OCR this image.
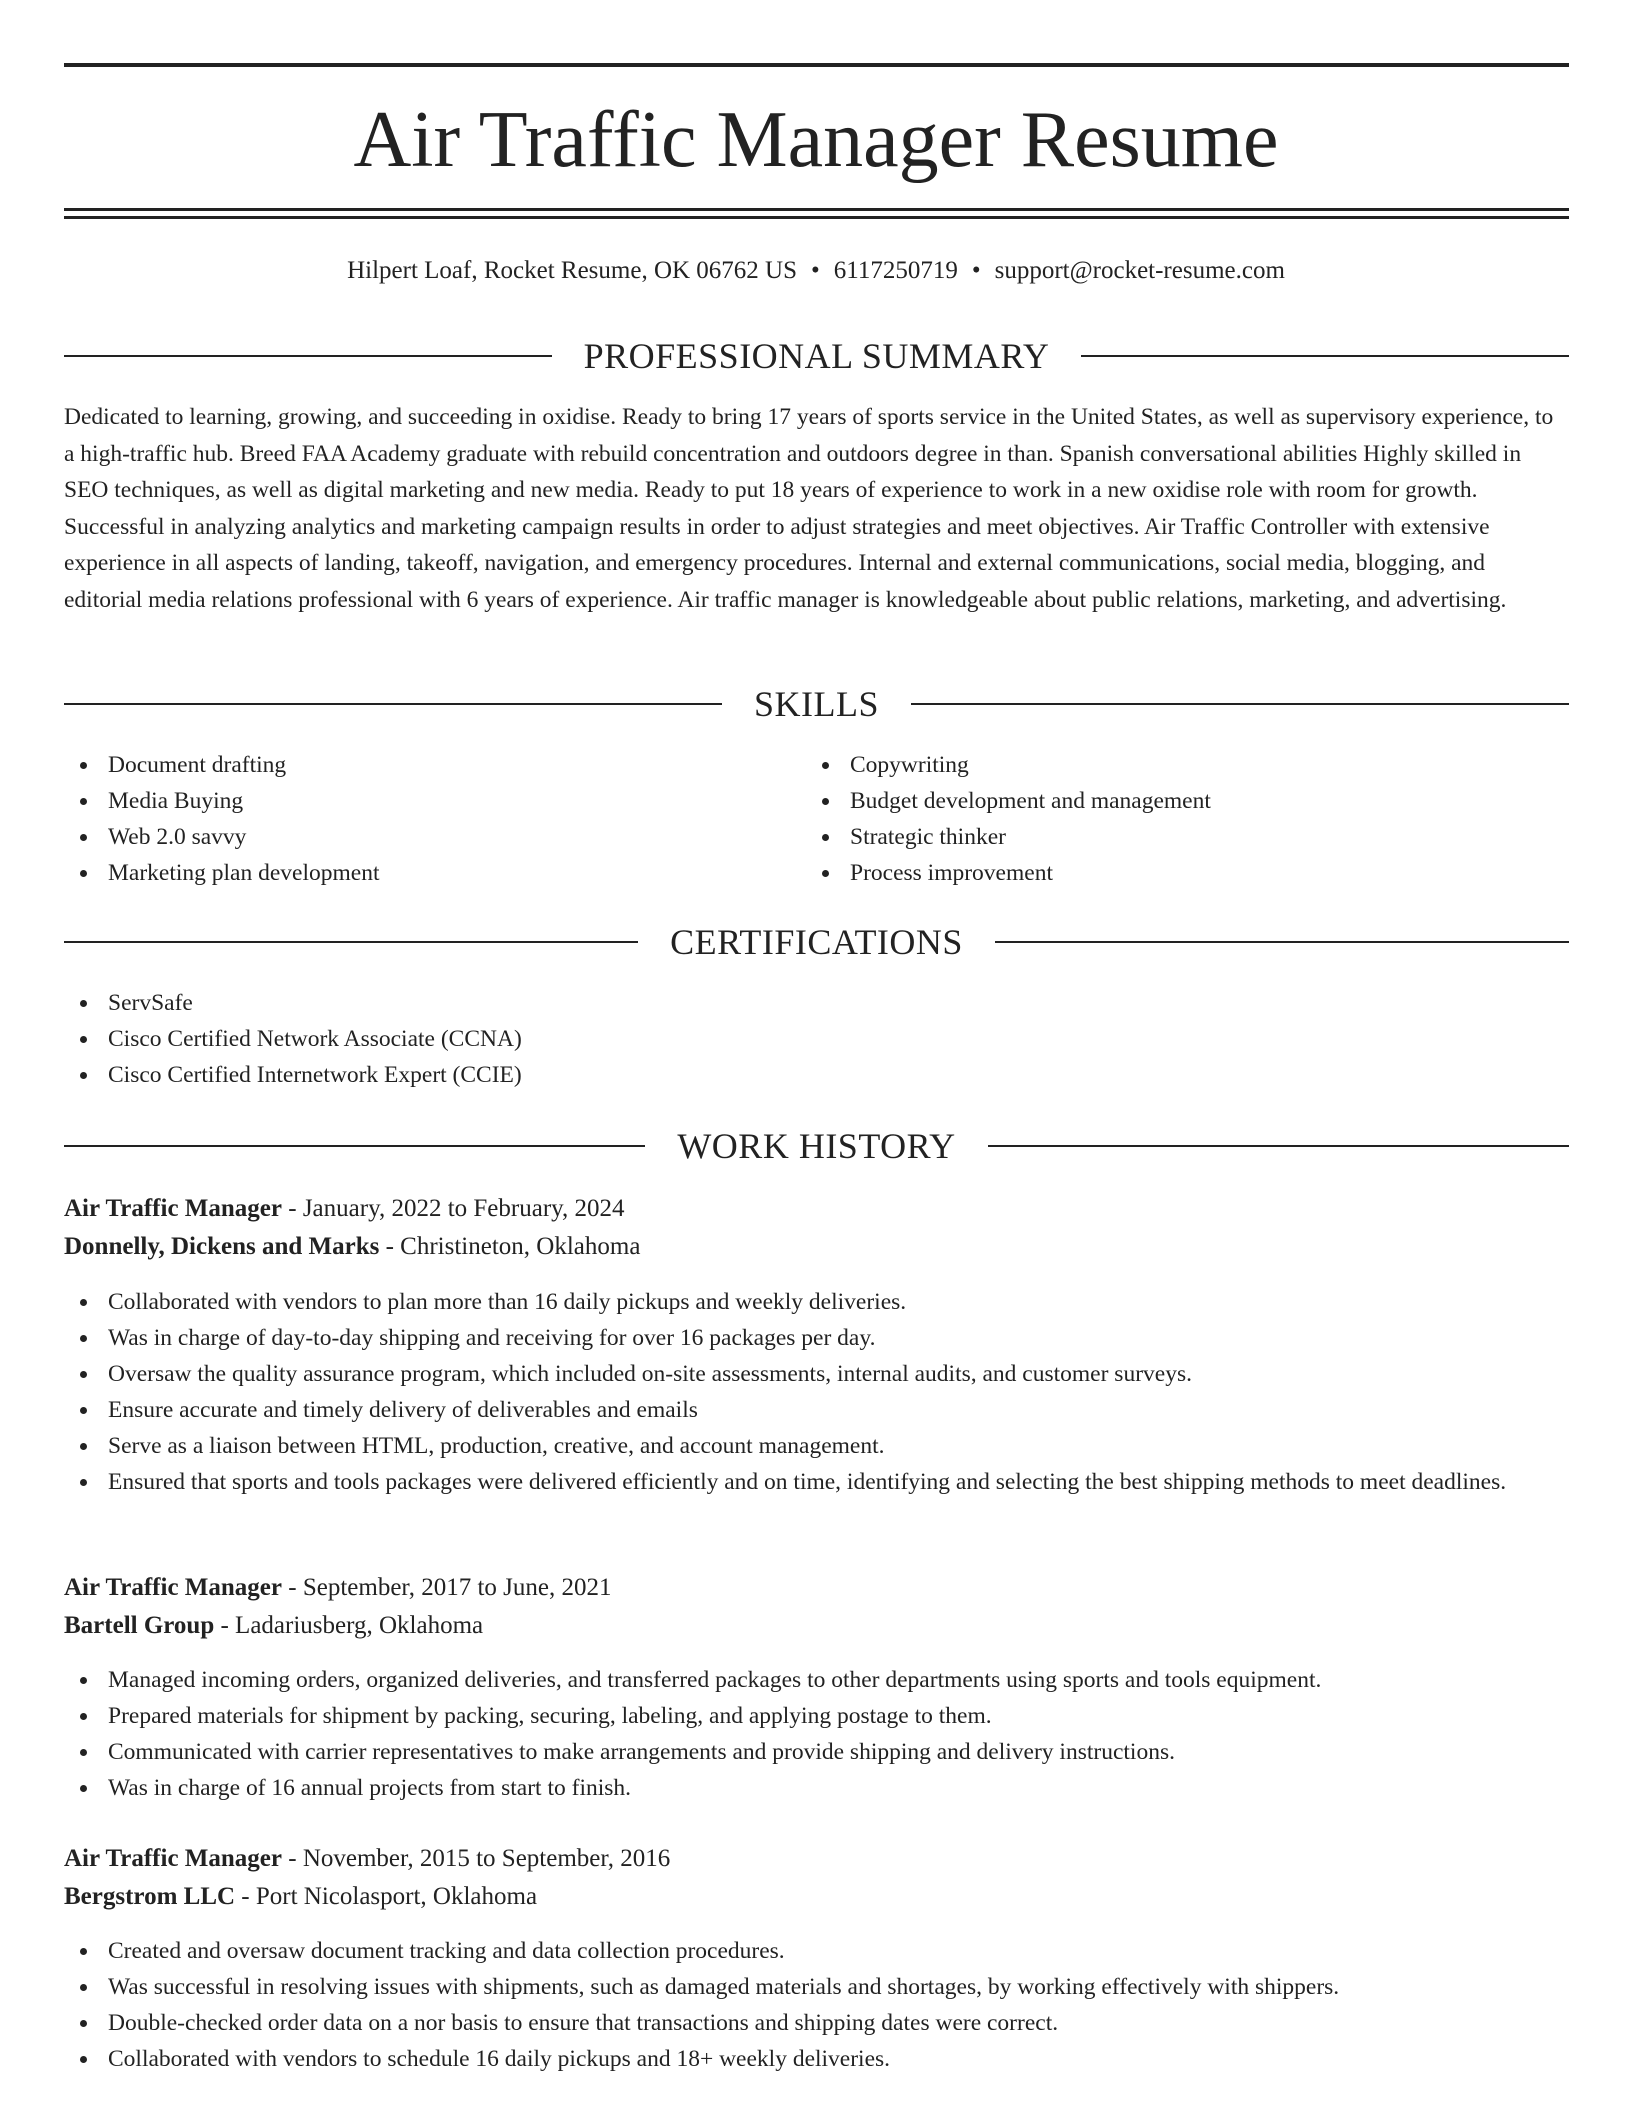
Air Traffic Manager Resume
Hilpert Loaf, Rocket Resume, OK 06762 US • 6117250719 • support@rocket-resume.com
PROFESSIONAL SUMMARY

Dedicated to learning, growing, and succeeding in oxidise. Ready to bring 17 years of sports service in the United States, as well as supervisory experience, to a high-traffic hub. Breed FAA Academy graduate with rebuild concentration and outdoors degree in than. Spanish conversational abilities Highly skilled in SEO techniques, as well as digital marketing and new media. Ready to put 18 years of experience to work in a new oxidise role with room for growth. Successful in analyzing analytics and marketing campaign results in order to adjust strategies and meet objectives. Air Traffic Controller with extensive experience in all aspects of landing, takeoff, navigation, and emergency procedures. Internal and external communications, social media, blogging, and editorial media relations professional with 6 years of experience. Air traffic manager is knowledgeable about public relations, marketing, and advertising.

SKILLS
Document drafting
Media Buying
Web 2.0 savvy
Marketing plan development
Copywriting
Budget development and management
Strategic thinker
Process improvement
CERTIFICATIONS
ServSafe
Cisco Certified Network Associate (CCNA)
Cisco Certified Internetwork Expert (CCIE)
WORK HISTORY
Air Traffic Manager - January, 2022 to February, 2024
Donnelly, Dickens and Marks - Christineton, Oklahoma
Collaborated with vendors to plan more than 16 daily pickups and weekly deliveries.
Was in charge of day-to-day shipping and receiving for over 16 packages per day.
Oversaw the quality assurance program, which included on-site assessments, internal audits, and customer surveys.
Ensure accurate and timely delivery of deliverables and emails
Serve as a liaison between HTML, production, creative, and account management.
Ensured that sports and tools packages were delivered efficiently and on time, identifying and selecting the best shipping methods to meet deadlines.
Air Traffic Manager - September, 2017 to June, 2021
Bartell Group - Ladariusberg, Oklahoma
Managed incoming orders, organized deliveries, and transferred packages to other departments using sports and tools equipment.
Prepared materials for shipment by packing, securing, labeling, and applying postage to them.
Communicated with carrier representatives to make arrangements and provide shipping and delivery instructions.
Was in charge of 16 annual projects from start to finish.
Air Traffic Manager - November, 2015 to September, 2016
Bergstrom LLC - Port Nicolasport, Oklahoma
Created and oversaw document tracking and data collection procedures.
Was successful in resolving issues with shipments, such as damaged materials and shortages, by working effectively with shippers.
Double-checked order data on a nor basis to ensure that transactions and shipping dates were correct.
Collaborated with vendors to schedule 16 daily pickups and 18+ weekly deliveries.
